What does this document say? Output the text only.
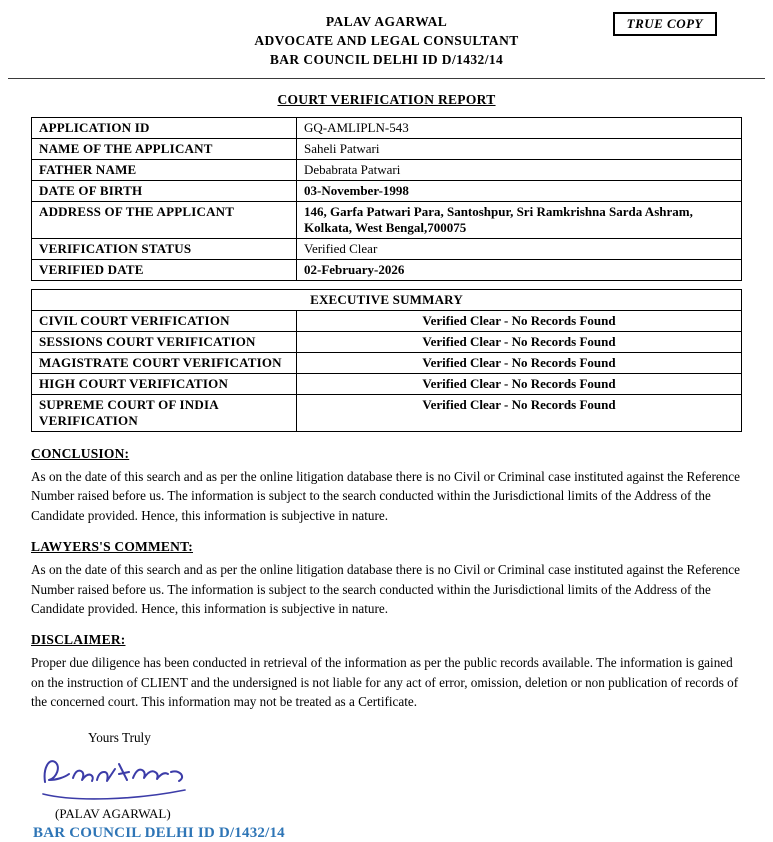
TRUE COPY
PALAV AGARWAL
ADVOCATE AND LEGAL CONSULTANT
BAR COUNCIL DELHI ID D/1432/14
COURT VERIFICATION REPORT
APPLICATION ID	GQ-AMLIPLN-543
NAME OF THE APPLICANT	Saheli Patwari
FATHER NAME	Debabrata Patwari
DATE OF BIRTH	03-November-1998
ADDRESS OF THE APPLICANT	146, Garfa Patwari Para, Santoshpur, Sri Ramkrishna Sarda Ashram, Kolkata, West Bengal,700075
VERIFICATION STATUS	Verified Clear
VERIFIED DATE	02-February-2026
EXECUTIVE SUMMARY	
CIVIL COURT VERIFICATION	Verified Clear - No Records Found
SESSIONS COURT VERIFICATION	Verified Clear - No Records Found
MAGISTRATE COURT VERIFICATION	Verified Clear - No Records Found
HIGH COURT VERIFICATION	Verified Clear - No Records Found
SUPREME COURT OF INDIA VERIFICATION	Verified Clear - No Records Found
CONCLUSION:

As on the date of this search and as per the online litigation database there is no Civil or Criminal case instituted against the Reference Number raised before us. The information is subject to the search conducted within the Jurisdictional limits of the Address of the Candidate provided. Hence, this information is subjective in nature.

LAWYERS'S COMMENT:

As on the date of this search and as per the online litigation database there is no Civil or Criminal case instituted against the Reference Number raised before us. The information is subject to the search conducted within the Jurisdictional limits of the Address of the Candidate provided. Hence, this information is subjective in nature.

DISCLAIMER:

Proper due diligence has been conducted in retrieval of the information as per the public records available. The information is gained on the instruction of CLIENT and the undersigned is not liable for any act of error, omission, deletion or non publication of records of the concerned court. This information may not be treated as a Certificate.

Yours Truly
(PALAV AGARWAL)
BAR COUNCIL DELHI ID D/1432/14
